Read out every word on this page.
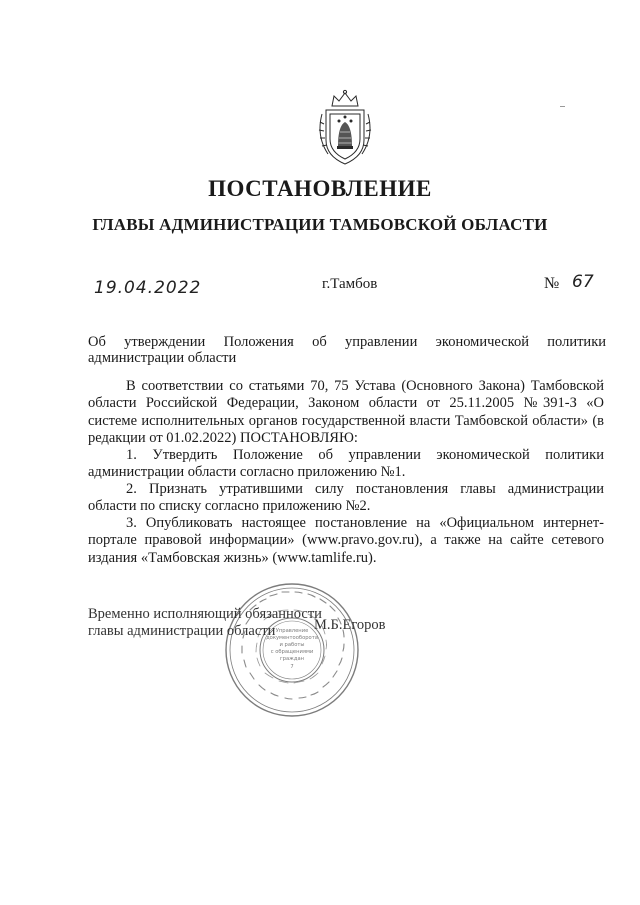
ПОСТАНОВЛЕНИЕ
ГЛАВЫ АДМИНИСТРАЦИИ ТАМБОВСКОЙ ОБЛАСТИ
19.04.2022	г.Тамбов	№ 67
Об утверждении Положения об управлении экономической политики администрации области
В соответствии со статьями 70, 75 Устава (Основного Закона) Тамбовской области Российской Федерации, Законом области от 25.11.2005 №391-З «О системе исполнительных органов государственной власти Тамбовской области» (в редакции от 01.02.2022) ПОСТАНОВЛЯЮ:
1. Утвердить Положение об управлении экономической политики администрации области согласно приложению №1.
2. Признать утратившими силу постановления главы администрации области по списку согласно приложению №2.
3. Опубликовать настоящее постановление на «Официальном интернет-портале правовой информации» (www.pravo.gov.ru), а также на сайте сетевого издания «Тамбовская жизнь» (www.tamlife.ru).
Управление
документооборота
и работы
с обращениями
граждан
7
Временно исполняющий обязанности
главы администрации области	М.Б.Егоров
